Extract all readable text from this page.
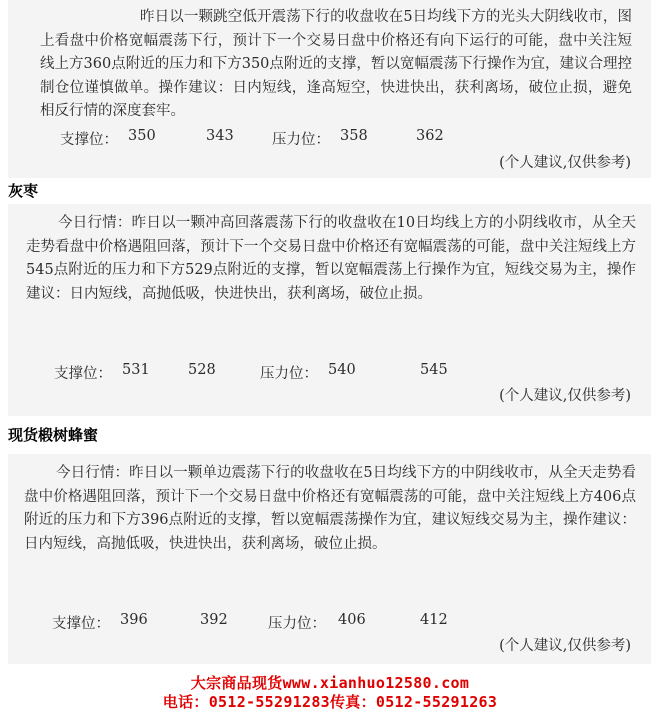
昨日以一颗跳空低开震荡下行的收盘收在5日均线下方的光头大阴线收市，图上看盘中价格宽幅震荡下行，预计下一个交易日盘中价格还有向下运行的可能，盘中关注短线上方360点附近的压力和下方350点附近的支撑，暂以宽幅震荡下行操作为宜，建议合理控制仓位谨慎做单。操作建议：日内短线，逢高短空，快进快出，获利离场，破位止损，避免相反行情的深度套牢。
支撑位： 350	343	压力位： 358	362
(个人建议,仅供参考)
灰枣
今日行情：昨日以一颗冲高回落震荡下行的收盘收在10日均线上方的小阴线收市，从全天走势看盘中价格遇阻回落，预计下一个交易日盘中价格还有宽幅震荡的可能，盘中关注短线上方545点附近的压力和下方529点附近的支撑，暂以宽幅震荡上行操作为宜，短线交易为主，操作建议：日内短线，高抛低吸，快进快出，获利离场，破位止损。
支撑位： 531	528	压力位： 540	545
(个人建议,仅供参考)
现货椴树蜂蜜
今日行情：昨日以一颗单边震荡下行的收盘收在5日均线下方的中阴线收市，从全天走势看盘中价格遇阻回落，预计下一个交易日盘中价格还有宽幅震荡的可能，盘中关注短线上方406点附近的压力和下方396点附近的支撑，暂以宽幅震荡操作为宜，建议短线交易为主，操作建议：日内短线，高抛低吸，快进快出，获利离场，破位止损。
支撑位： 396	392	压力位： 406	412
(个人建议,仅供参考)
大宗商品现货www.xianhuo12580.com
电话：0512-55291283传真：0512-55291263
